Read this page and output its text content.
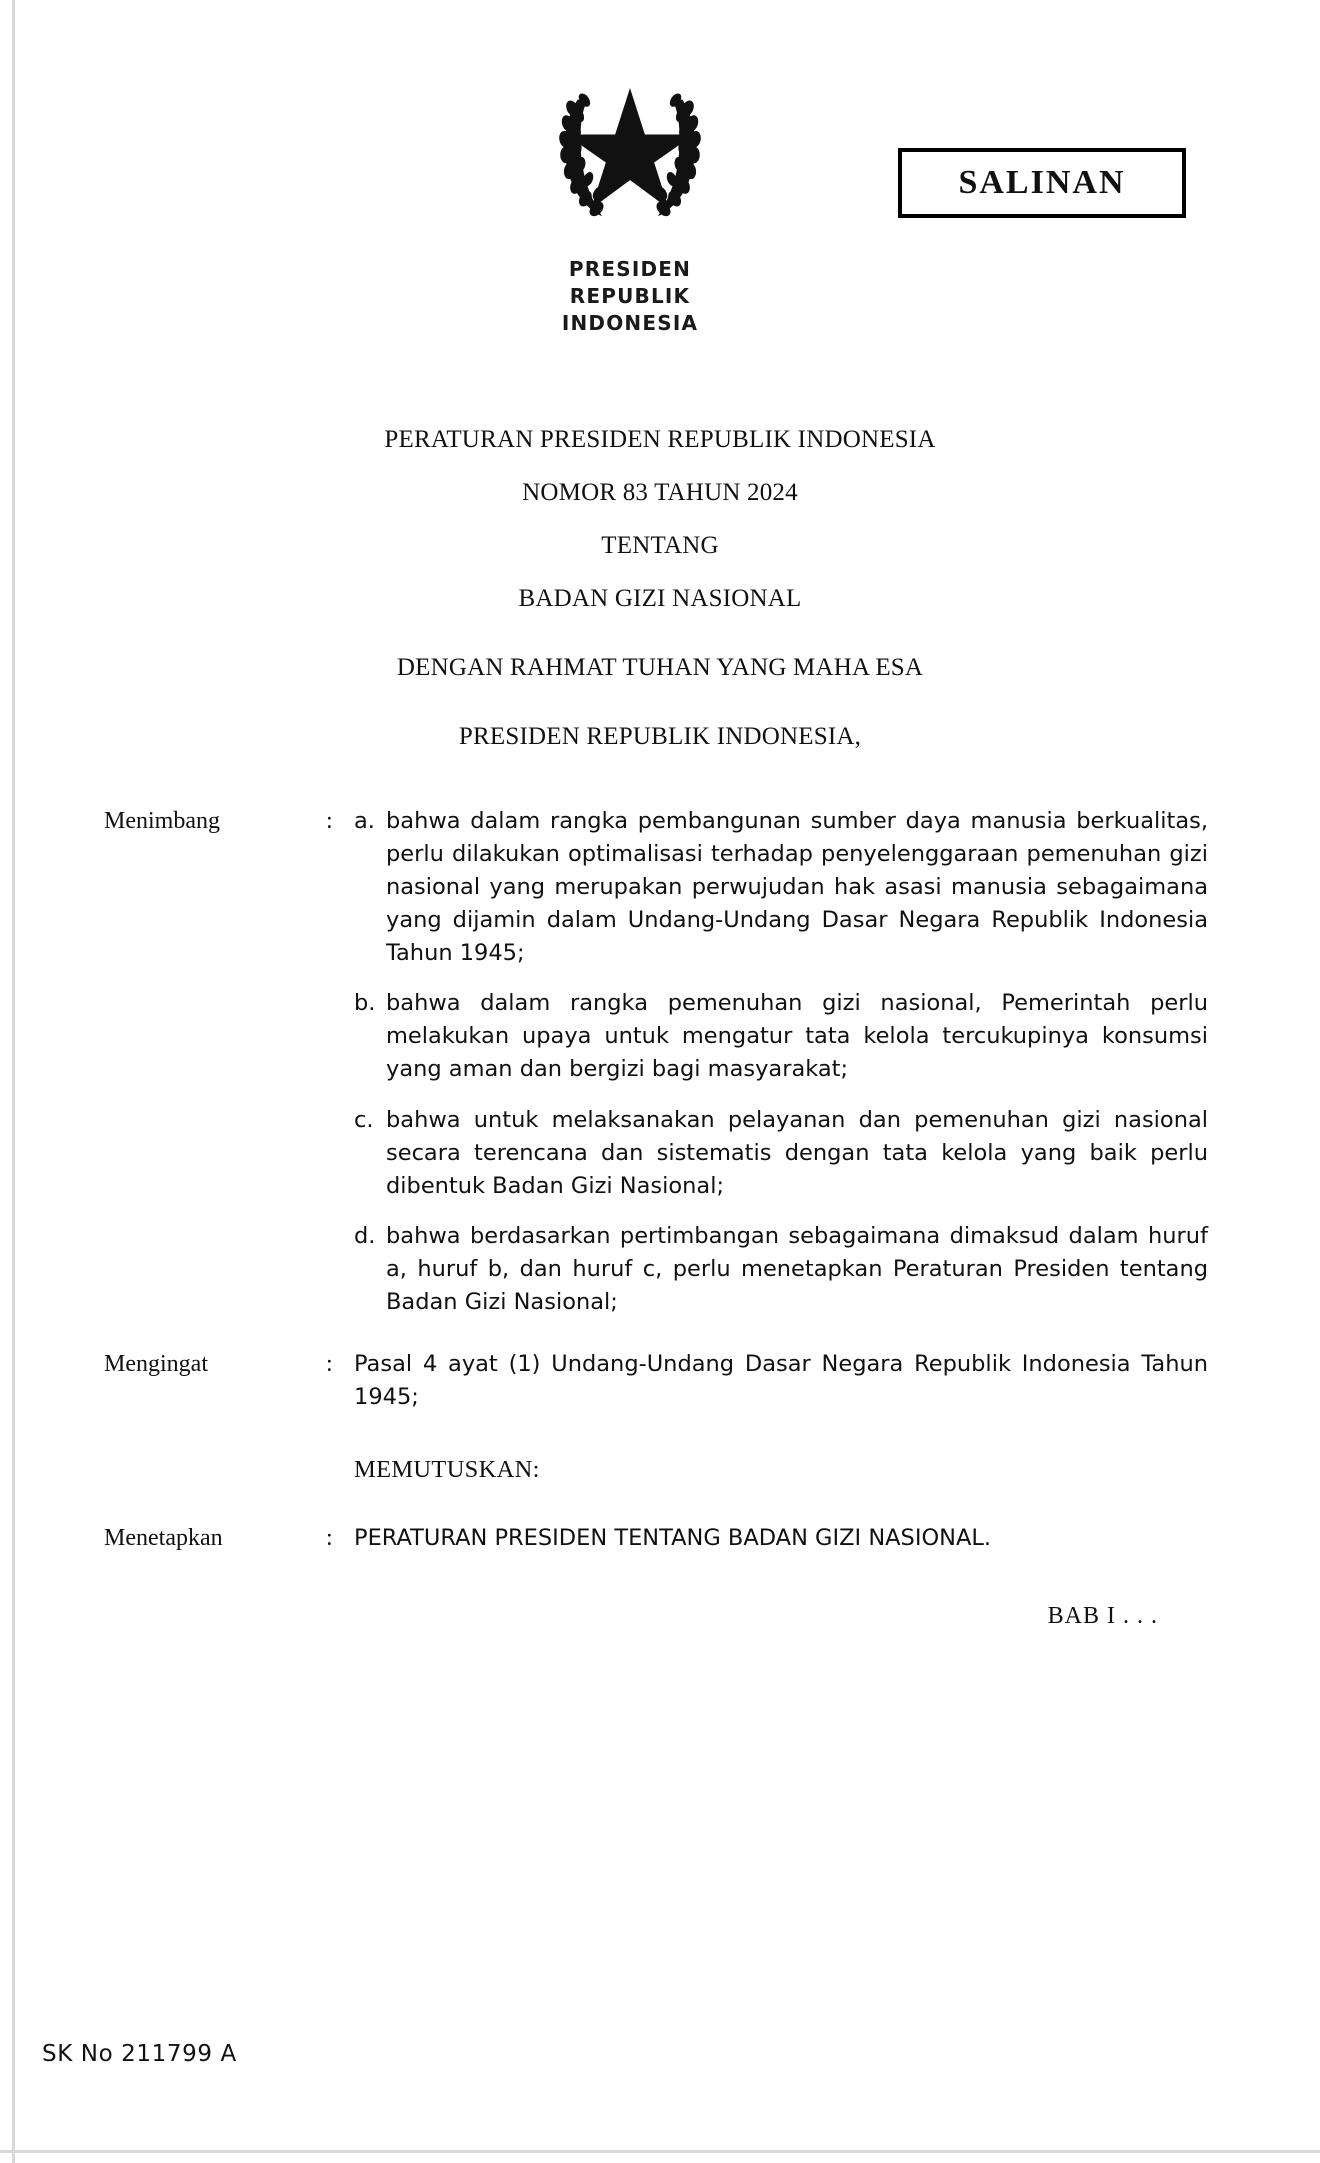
PRESIDEN
REPUBLIK INDONESIA
SALINAN
PERATURAN PRESIDEN REPUBLIK INDONESIA
NOMOR 83 TAHUN 2024
TENTANG
BADAN GIZI NASIONAL
DENGAN RAHMAT TUHAN YANG MAHA ESA
PRESIDEN REPUBLIK INDONESIA,
Menimbang	: a. bahwa dalam rangka pembangunan sumber daya manusia berkualitas, perlu dilakukan optimalisasi terhadap penyelenggaraan pemenuhan gizi nasional yang merupakan perwujudan hak asasi manusia sebagaimana yang dijamin dalam Undang-Undang Dasar Negara Republik Indonesia Tahun 1945;
b. bahwa dalam rangka pemenuhan gizi nasional, Pemerintah perlu melakukan upaya untuk mengatur tata kelola tercukupinya konsumsi yang aman dan bergizi bagi masyarakat;
c. bahwa untuk melaksanakan pelayanan dan pemenuhan gizi nasional secara terencana dan sistematis dengan tata kelola yang baik perlu dibentuk Badan Gizi Nasional;
d. bahwa berdasarkan pertimbangan sebagaimana dimaksud dalam huruf a, huruf b, dan huruf c, perlu menetapkan Peraturan Presiden tentang Badan Gizi Nasional;
Mengingat	: Pasal 4 ayat (1) Undang-Undang Dasar Negara Republik Indonesia Tahun 1945;
MEMUTUSKAN:
Menetapkan	: PERATURAN PRESIDEN TENTANG BADAN GIZI NASIONAL.
BAB I . . .
SK No 211799 A
